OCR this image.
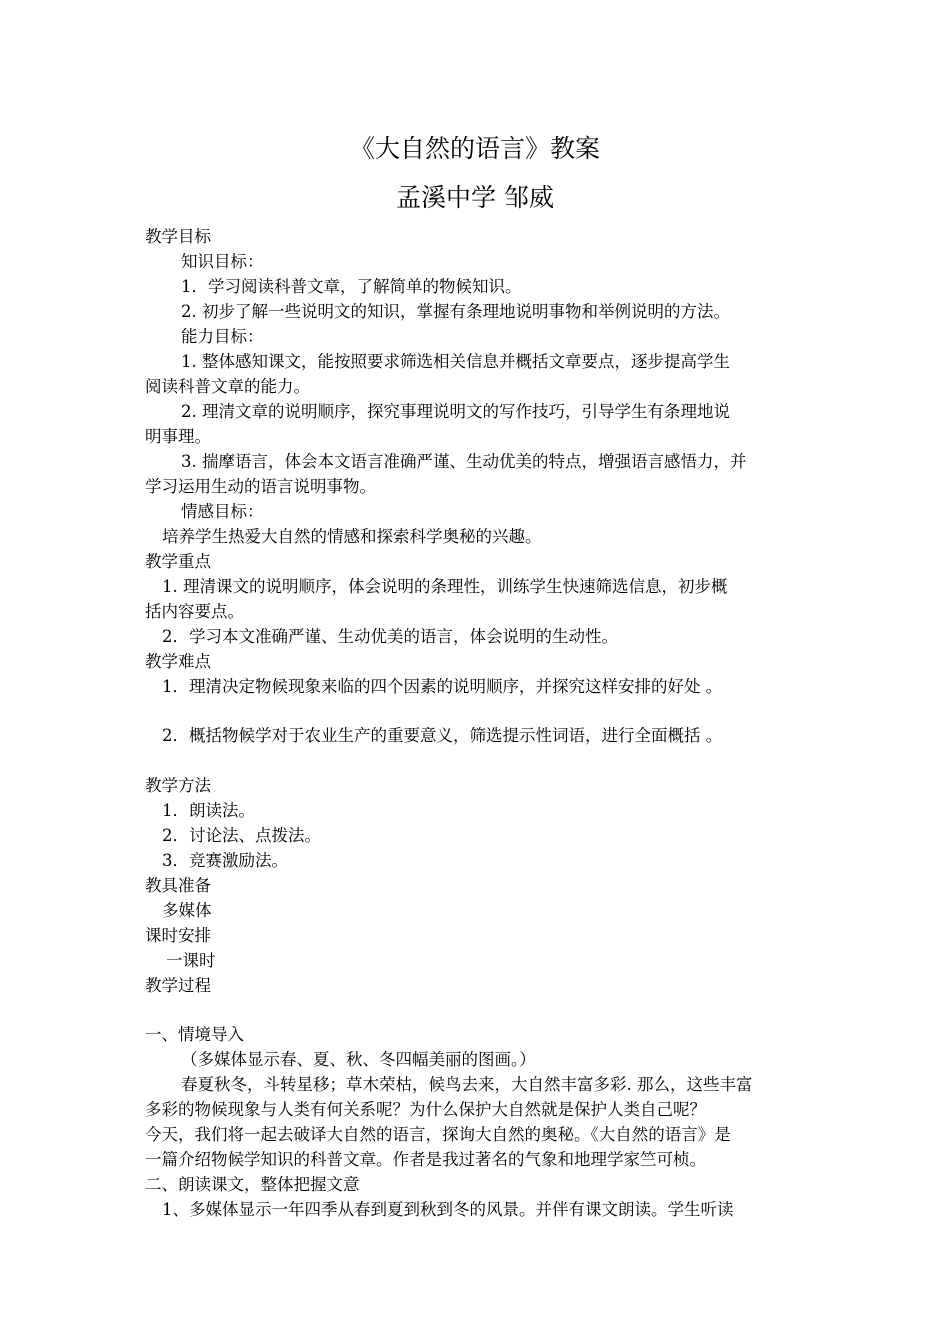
《大自然的语言》教案
孟溪中学 邹威
教学目标
知识目标：
1．学习阅读科普文章，了解简单的物候知识。
2. 初步了解一些说明文的知识，掌握有条理地说明事物和举例说明的方法。
能力目标：
1. 整体感知课文，能按照要求筛选相关信息并概括文章要点，逐步提高学生
阅读科普文章的能力。
2. 理清文章的说明顺序，探究事理说明文的写作技巧，引导学生有条理地说
明事理。
3. 揣摩语言，体会本文语言准确严谨、生动优美的特点，增强语言感悟力，并
学习运用生动的语言说明事物。
情感目标：
培养学生热爱大自然的情感和探索科学奥秘的兴趣。
教学重点
1. 理清课文的说明顺序，体会说明的条理性，训练学生快速筛选信息，初步概
括内容要点。
2．学习本文准确严谨、生动优美的语言，体会说明的生动性。
教学难点
1．理清决定物候现象来临的四个因素的说明顺序，并探究这样安排的好处 。
2．概括物候学对于农业生产的重要意义，筛选提示性词语，进行全面概括 。
教学方法
1．朗读法。
2．讨论法、点拨法。
3．竞赛激励法。
教具准备
多媒体
课时安排
一课时
教学过程
一、情境导入
（多媒体显示春、夏、秋、冬四幅美丽的图画。）
春夏秋冬，斗转星移；草木荣枯，候鸟去来，大自然丰富多彩. 那么，这些丰富
多彩的物候现象与人类有何关系呢？为什么保护大自然就是保护人类自己呢？
今天，我们将一起去破译大自然的语言，探询大自然的奥秘。《大自然的语言》是
一篇介绍物候学知识的科普文章。作者是我过著名的气象和地理学家竺可桢。
二、朗读课文，整体把握文意
1、多媒体显示一年四季从春到夏到秋到冬的风景。并伴有课文朗读。学生听读
